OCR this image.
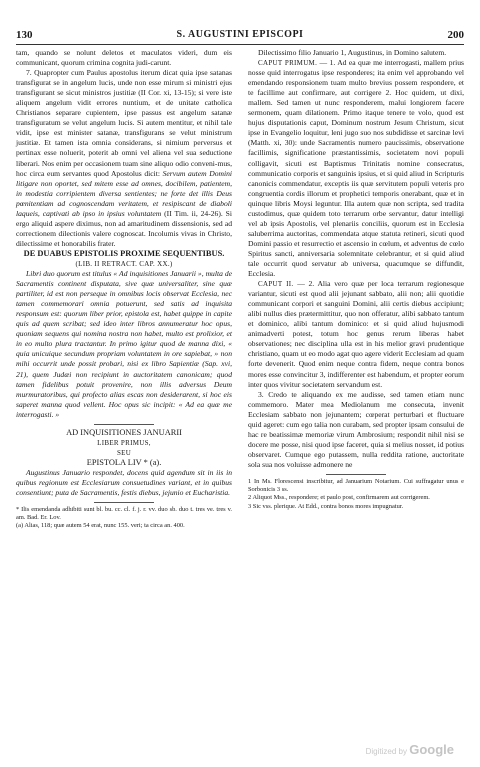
130	S. AUGUSTINI EPISCOPI	200

tam, quando se nolunt deletos et maculatos videri, dum eis communicant, quorum crimina cognita judi-carunt.

7. Quapropter cum Paulus apostolus iterum dicat quia ipse satanas transfigurat se in angelum lucis, unde non esse mirum si ministri ejus transfigurant se sicut ministros justitiæ (II Cor. xi, 13-15); si vere iste aliquem angelum vidit errores nuntium, et de unitate catholica Christianos separare cupientem, ipse passus est angelum satanæ transfiguratum se velut angelum lucis. Si autem mentitur, et nihil tale vidit, ipse est minister satanæ, transfigurans se velut ministrum justitiæ. Et tamen ista omnia considerans, si nimium perversus et pertinax esse noluerit, poterit ab omni vel aliena vel sua seductione liberari. Nos enim per occasionem tuam sine aliquo odio conveni-mus, hoc circa eum servantes quod Apostolus dicit: Servum autem Domini litigare non oportet, sed mitem esse ad omnes, docibilem, patientem, in modestia corripientem diversa sentientes; ne forte det illis Deus pœnitentiam ad cognoscendam veritatem, et resipiscant de diaboli laqueis, captivati ab ipso in ipsius voluntatem (II Tim. ii, 24-26). Si ergo aliquid aspere diximus, non ad amaritudinem dissensionis, sed ad correctionem dilectionis valere cognoscat. Incolumis vivas in Christo, dilectissime et honorabilis frater.

DE DUABUS EPISTOLIS PROXIME SEQUENTIBUS.

(LIB. II RETRACT. CAP. XX.)

Libri duo quorum est titulus « Ad inquisitiones Januarii », multa de Sacramentis continent disputata, sive quæ universaliter, sine quæ partiliter, id est non perseque in omnibus locis observat Ecclesia, nec tamen commemorari omnia potuerunt, sed satis ad inquisita responsum est: quorum liber prior, epistola est, habet quippe in capite quis ad quem scribat; sed ideo inter libros annumeratur hoc opus, quoniam sequens qui nomina nostra non habet, multo est prolixior, et in eo multo plura tractantur. In primo igitur quod de manna dixi, « quia unicuique secundum propriam voluntatem in ore sapiebat, » non mihi occurrit unde possit probari, nisi ex libro Sapientiæ (Sap. xvi, 21), quem Judæi non recipiunt in auctoritatem canonicam; quod tamen fidelibus potuit provenire, non illis adversus Deum murmuratoribus, qui profecto alias escas non desiderarent, si hoc eis saperet manna quod vellent. Hoc opus sic incipit: « Ad ea quæ me interrogasti. »

AD INQUISITIONES JANUARII

LIBER PRIMUS,

SEU

EPISTOLA LIV * (a).

Augustinus Januario respondet, docens quid agendum sit in iis in quibus regionum est Ecclesiarum consuetudines variant, et in quibus consentiunt; puta de Sacramentis, festis diebus, jejunio et Eucharistia.

* Ilis emendanda adhibiti sunt bl. bu. cc. cl. f. j. r. vv. duo sb. duo t. tres ve. tres v. am. Bad. Er. Lov.

(a) Alias, 118; quæ autem 54 erat, nunc 155. veri; ta circa an. 400.

Dilectissimo filio Januario 1, Augustinus, in Domino salutem.

CAPUT PRIMUM. — 1. Ad ea quæ me interrogasti, mallem prius nosse quid interrogatus ipse responderes; ita enim vel approbando vel emendando responsionem tuam multo brevius possem respondere, et te facillime aut confirmare, aut corrigere 2. Hoc quidem, ut dixi, mallem. Sed tamen ut nunc responderem, malui longiorem facere sermonem, quam dilationem. Primo itaque tenere te volo, quod est hujus disputationis caput, Dominum nostrum Jesum Christum, sicut ipse in Evangelio loquitur, leni jugo suo nos subdidisse et sarcinæ levi (Matth. xi, 30): unde Sacramentis numero paucissimis, observatione facillimis, significatione præstantissimis, societatem novi populi colligavit, sicuti est Baptismus Trinitatis nomine consecratus, communicatio corporis et sanguinis ipsius, et si quid aliud in Scripturis canonicis commendatur, exceptis iis quæ servitutem populi veteris pro congruentia cordis illorum et prophetici temporis onerabant, quæ et in quinque libris Moysi leguntur. Illa autem quæ non scripta, sed tradita custodimus, quæ quidem toto terrarum orbe servantur, datur intelligi vel ab ipsis Apostolis, vel plenariis conciliis, quorum est in Ecclesia saluberrima auctoritas, commendata atque statuta retineri, sicuti quod Domini passio et resurrectio et ascensio in cœlum, et adventus de cœlo Spiritus sancti, anniversaria solemnitate celebrantur, et si quid aliud tale occurrit quod servatur ab universa, quacumque se diffundit, Ecclesia.

CAPUT II. — 2. Alia vero quæ per loca terrarum regionesque variantur, sicuti est quod alii jejunant sabbato, alii non; alii quotidie communicant corpori et sanguini Domini, alii certis diebus accipiunt; alibi nullus dies prætermittitur, quo non offeratur, alibi sabbato tantum et dominico, alibi tantum dominico: et si quid aliud hujusmodi animadverti potest, totum hoc genus rerum liberas habet observationes; nec disciplina ulla est in his melior gravi prudentique christiano, quam ut eo modo agat quo agere viderit Ecclesiam ad quam forte devenerit. Quod enim neque contra fidem, neque contra bonos mores esse convincitur 3, indifferenter est habendum, et propter eorum inter quos vivitur societatem servandum est.

3. Credo te aliquando ex me audisse, sed tamen etiam nunc commemoro. Mater mea Mediolanum me consecuta, invenit Ecclesiam sabbato non jejunantem; cœperat perturbari et fluctuare quid ageret: cum ego talia non curabam, sed propter ipsam consului de hac re beatissimæ memoriæ virum Ambrosium; respondit nihil nisi se docere me posse, nisi quod ipse faceret, quia si melius nosset, id potius observaret. Cumque ego putassem, nulla reddita ratione, auctoritate sola sua nos voluisse admonere ne

1 In Ms. Florescensi inscribitur, ad Januarium Notarium. Cui suffragatur unus e Sorbonicis 3 ss.

2 Aliquot Mss., respondere; et paulo post, confirmarem aut corrigerem.

3 Sic vss. plerique. At Edd., contra bonos mores impugnatur.

Digitized by Google
